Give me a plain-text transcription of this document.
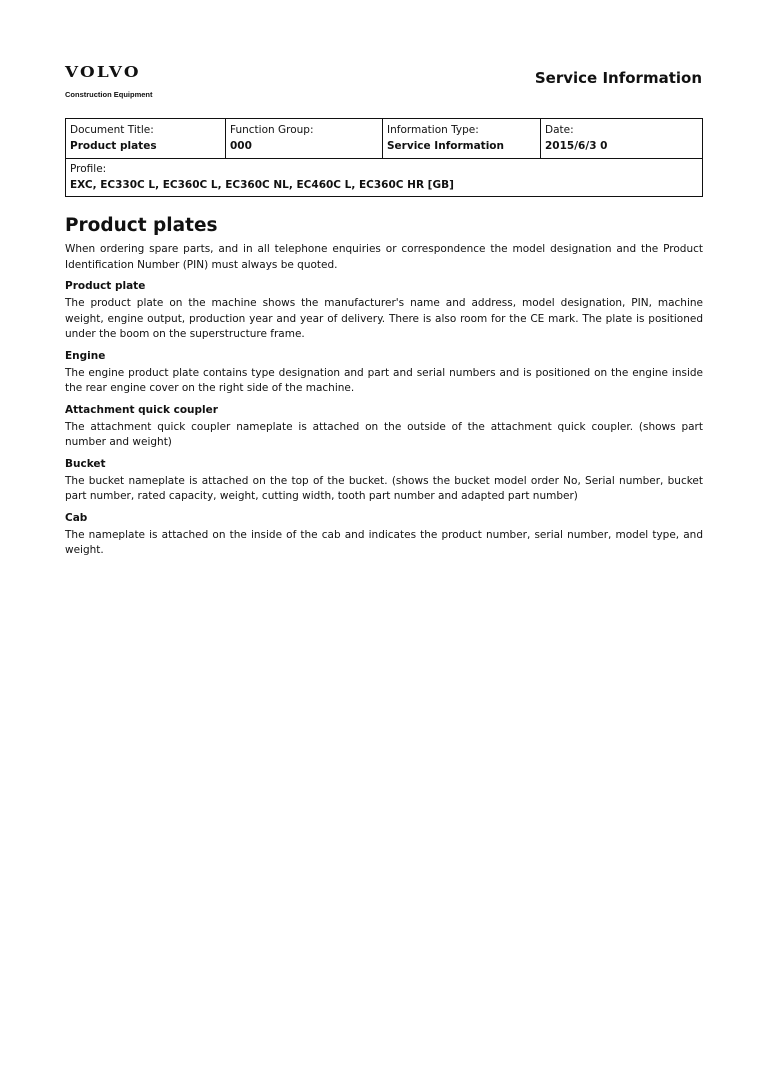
VOLVO
Construction Equipment
Service Information
Document Title:
Product plates
Function Group:
000
Information Type:
Service Information
Date:
2015/6/3 0
Profile:
EXC, EC330C L, EC360C L, EC360C NL, EC460C L, EC360C HR [GB]
Product plates

When ordering spare parts, and in all telephone enquiries or correspondence the model designation and the Product Identification Number (PIN) must always be quoted.

Product plate

The product plate on the machine shows the manufacturer's name and address, model designation, PIN, machine weight, engine output, production year and year of delivery. There is also room for the CE mark. The plate is positioned under the boom on the superstructure frame.

Engine

The engine product plate contains type designation and part and serial numbers and is positioned on the engine inside the rear engine cover on the right side of the machine.

Attachment quick coupler

The attachment quick coupler nameplate is attached on the outside of the attachment quick coupler. (shows part number and weight)

Bucket

The bucket nameplate is attached on the top of the bucket. (shows the bucket model order No, Serial number, bucket part number, rated capacity, weight, cutting width, tooth part number and adapted part number)

Cab

The nameplate is attached on the inside of the cab and indicates the product number, serial number, model type, and weight.
